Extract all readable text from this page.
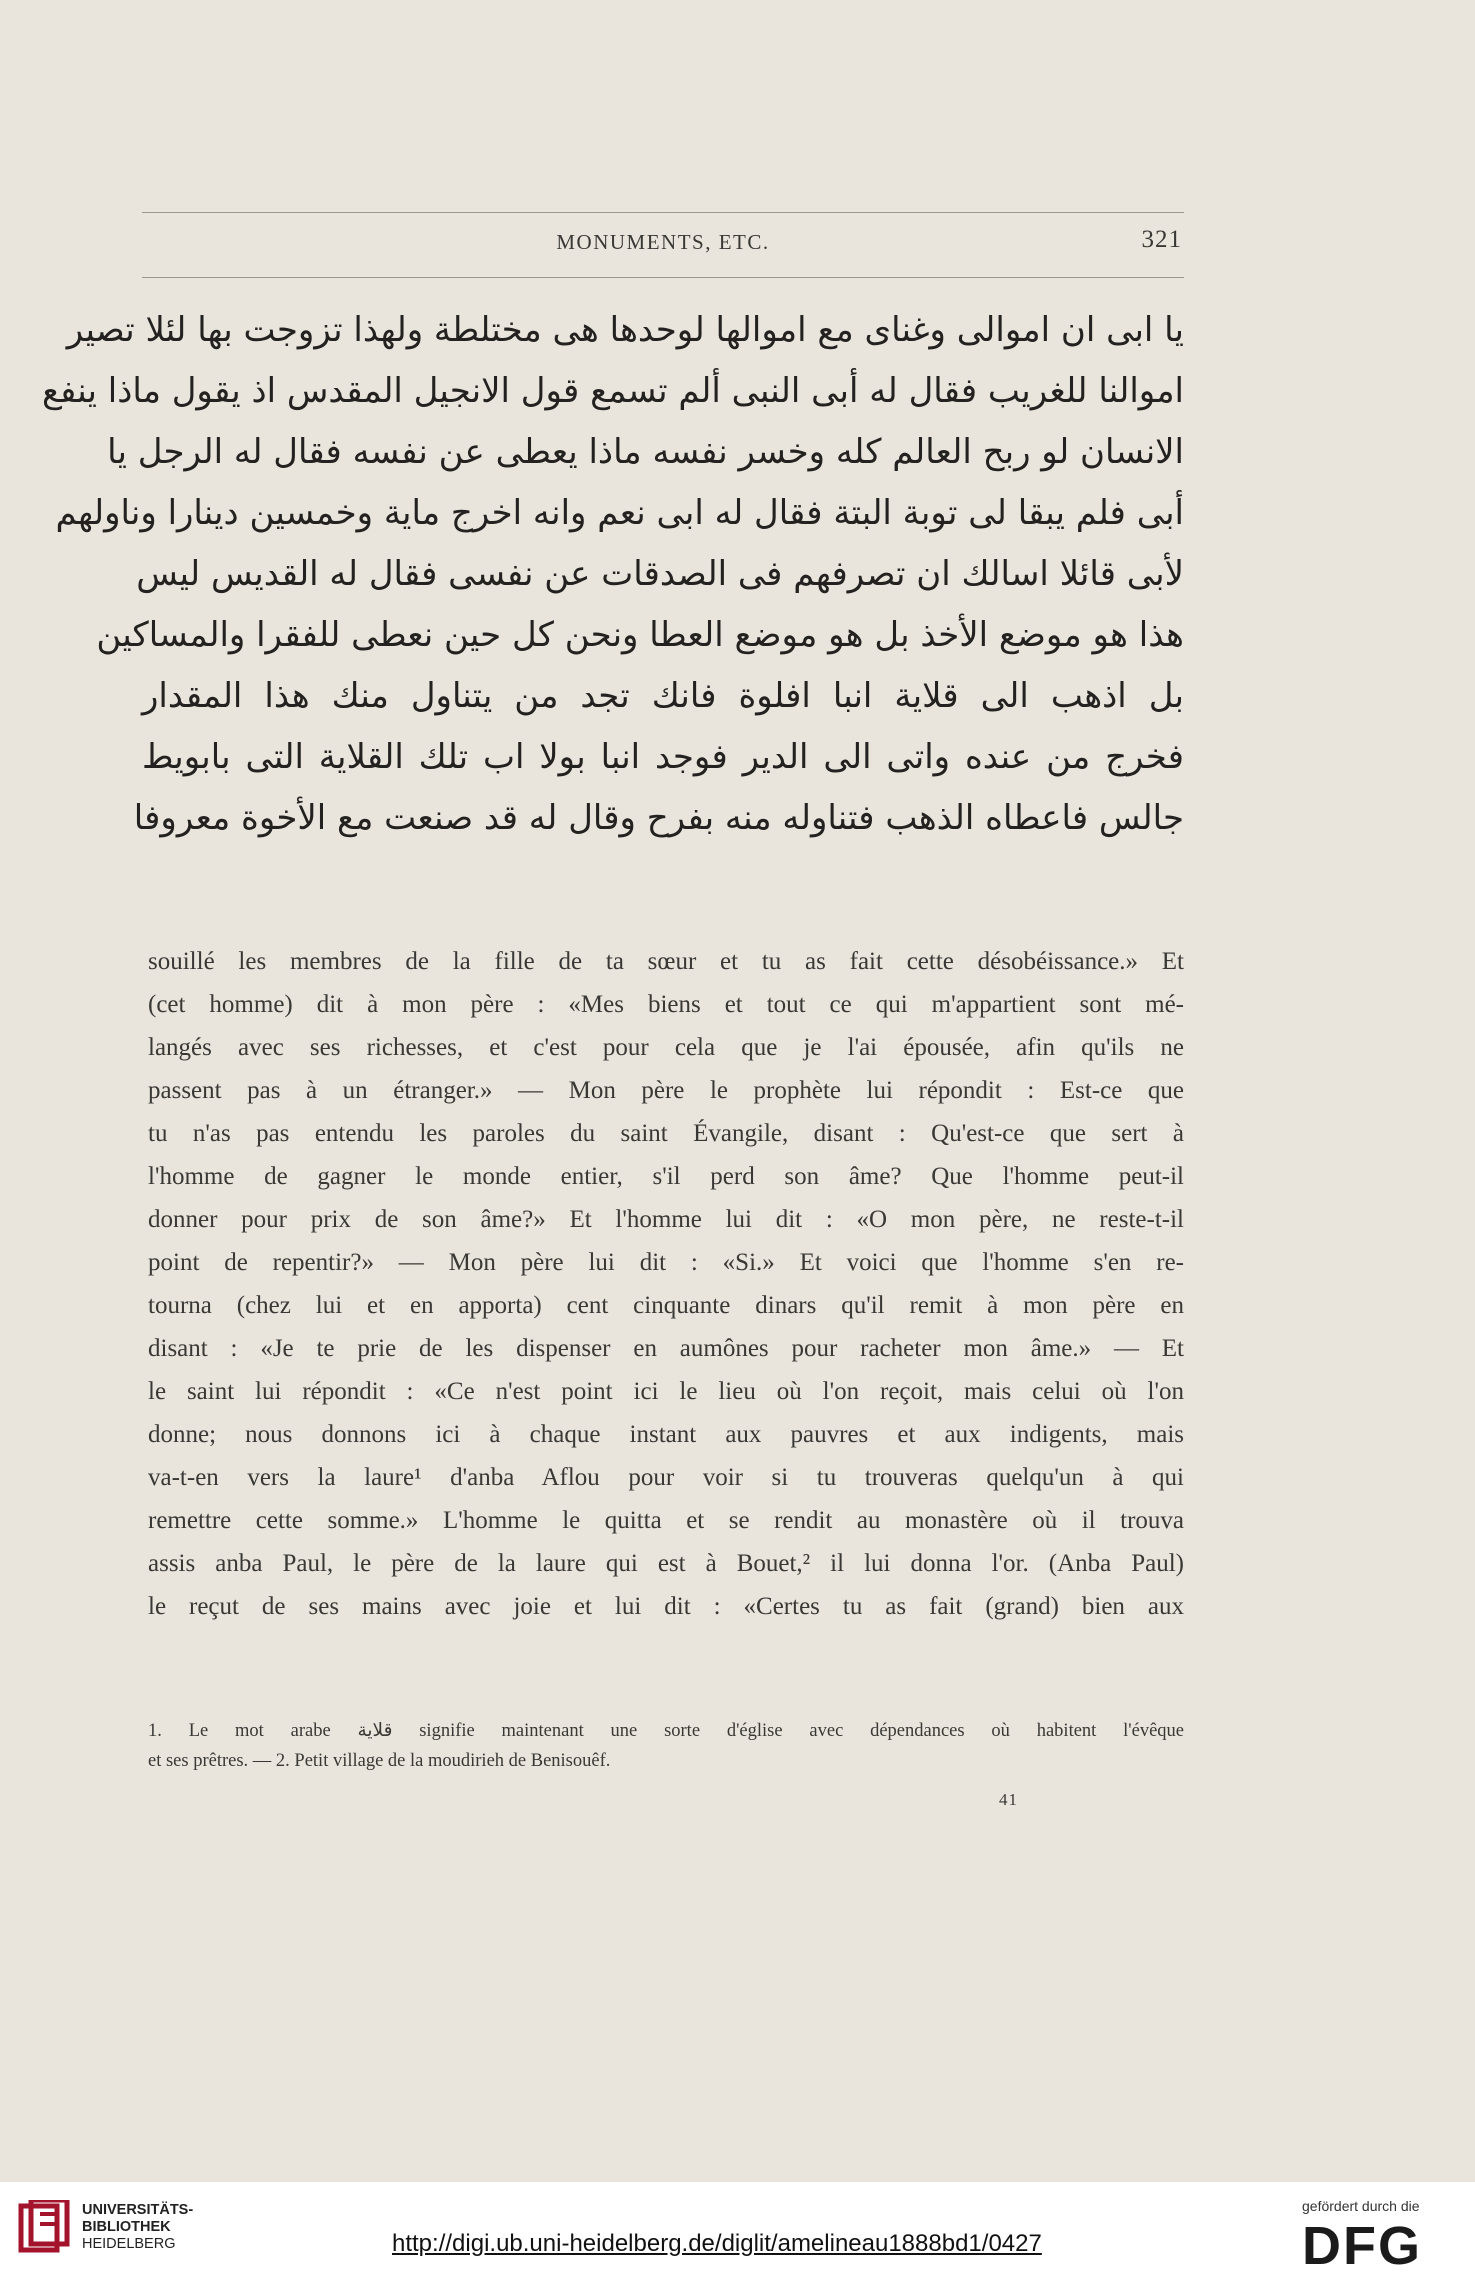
MONUMENTS, ETC.	321
يا ابى ان اموالى وغناى مع اموالها لوحدها هى مختلطة ولهذا تزوجت بها لئلا تصير
اموالنا للغريب فقال له أبى النبى ألم تسمع قول الانجيل المقدس اذ يقول ماذا ينفع
الانسان لو ربح العالم كله وخسر نفسه ماذا يعطى عن نفسه فقال له الرجل يا
أبى فلم يبقا لى توبة البتة فقال له ابى نعم وانه اخرج ماية وخمسين دينارا وناولهم
لأبى قائلا اسالك ان تصرفهم فى الصدقات عن نفسى فقال له القديس ليس
هذا هو موضع الأخذ بل هو موضع العطا ونحن كل حين نعطى للفقرا والمساكين
بل اذهب الى قلاية انبا افلوة فانك تجد من يتناول منك هذا المقدار
فخرج من عنده واتى الى الدير فوجد انبا بولا اب تلك القلاية التى بابويط
جالس فاعطاه الذهب فتناوله منه بفرح وقال له قد صنعت مع الأخوة معروفا
souillé les membres de la fille de ta sœur et tu as fait cette désobéissance.» Et
(cet homme) dit à mon père : «Mes biens et tout ce qui m'appartient sont mé-
langés avec ses richesses, et c'est pour cela que je l'ai épousée, afin qu'ils ne
passent pas à un étranger.» — Mon père le prophète lui répondit : Est-ce que
tu n'as pas entendu les paroles du saint Évangile, disant : Qu'est-ce que sert à
l'homme de gagner le monde entier, s'il perd son âme? Que l'homme peut-il
donner pour prix de son âme?» Et l'homme lui dit : «O mon père, ne reste-t-il
point de repentir?» — Mon père lui dit : «Si.» Et voici que l'homme s'en re-
tourna (chez lui et en apporta) cent cinquante dinars qu'il remit à mon père en
disant : «Je te prie de les dispenser en aumônes pour racheter mon âme.» — Et
le saint lui répondit : «Ce n'est point ici le lieu où l'on reçoit, mais celui où l'on
donne; nous donnons ici à chaque instant aux pauvres et aux indigents, mais
va-t-en vers la laure¹ d'anba Aflou pour voir si tu trouveras quelqu'un à qui
remettre cette somme.» L'homme le quitta et se rendit au monastère où il trouva
assis anba Paul, le père de la laure qui est à Bouet,² il lui donna l'or. (Anba Paul)
le reçut de ses mains avec joie et lui dit : «Certes tu as fait (grand) bien aux
1. Le mot arabe قلاية signifie maintenant une sorte d'église avec dépendances où habitent l'évêque
et ses prêtres. — 2. Petit village de la moudirieh de Benisouêf.
41
UNIVERSITÄTS-
BIBLIOTHEK
HEIDELBERG	http://digi.ub.uni-heidelberg.de/diglit/amelineau1888bd1/0427
gefördert durch die
DFG
